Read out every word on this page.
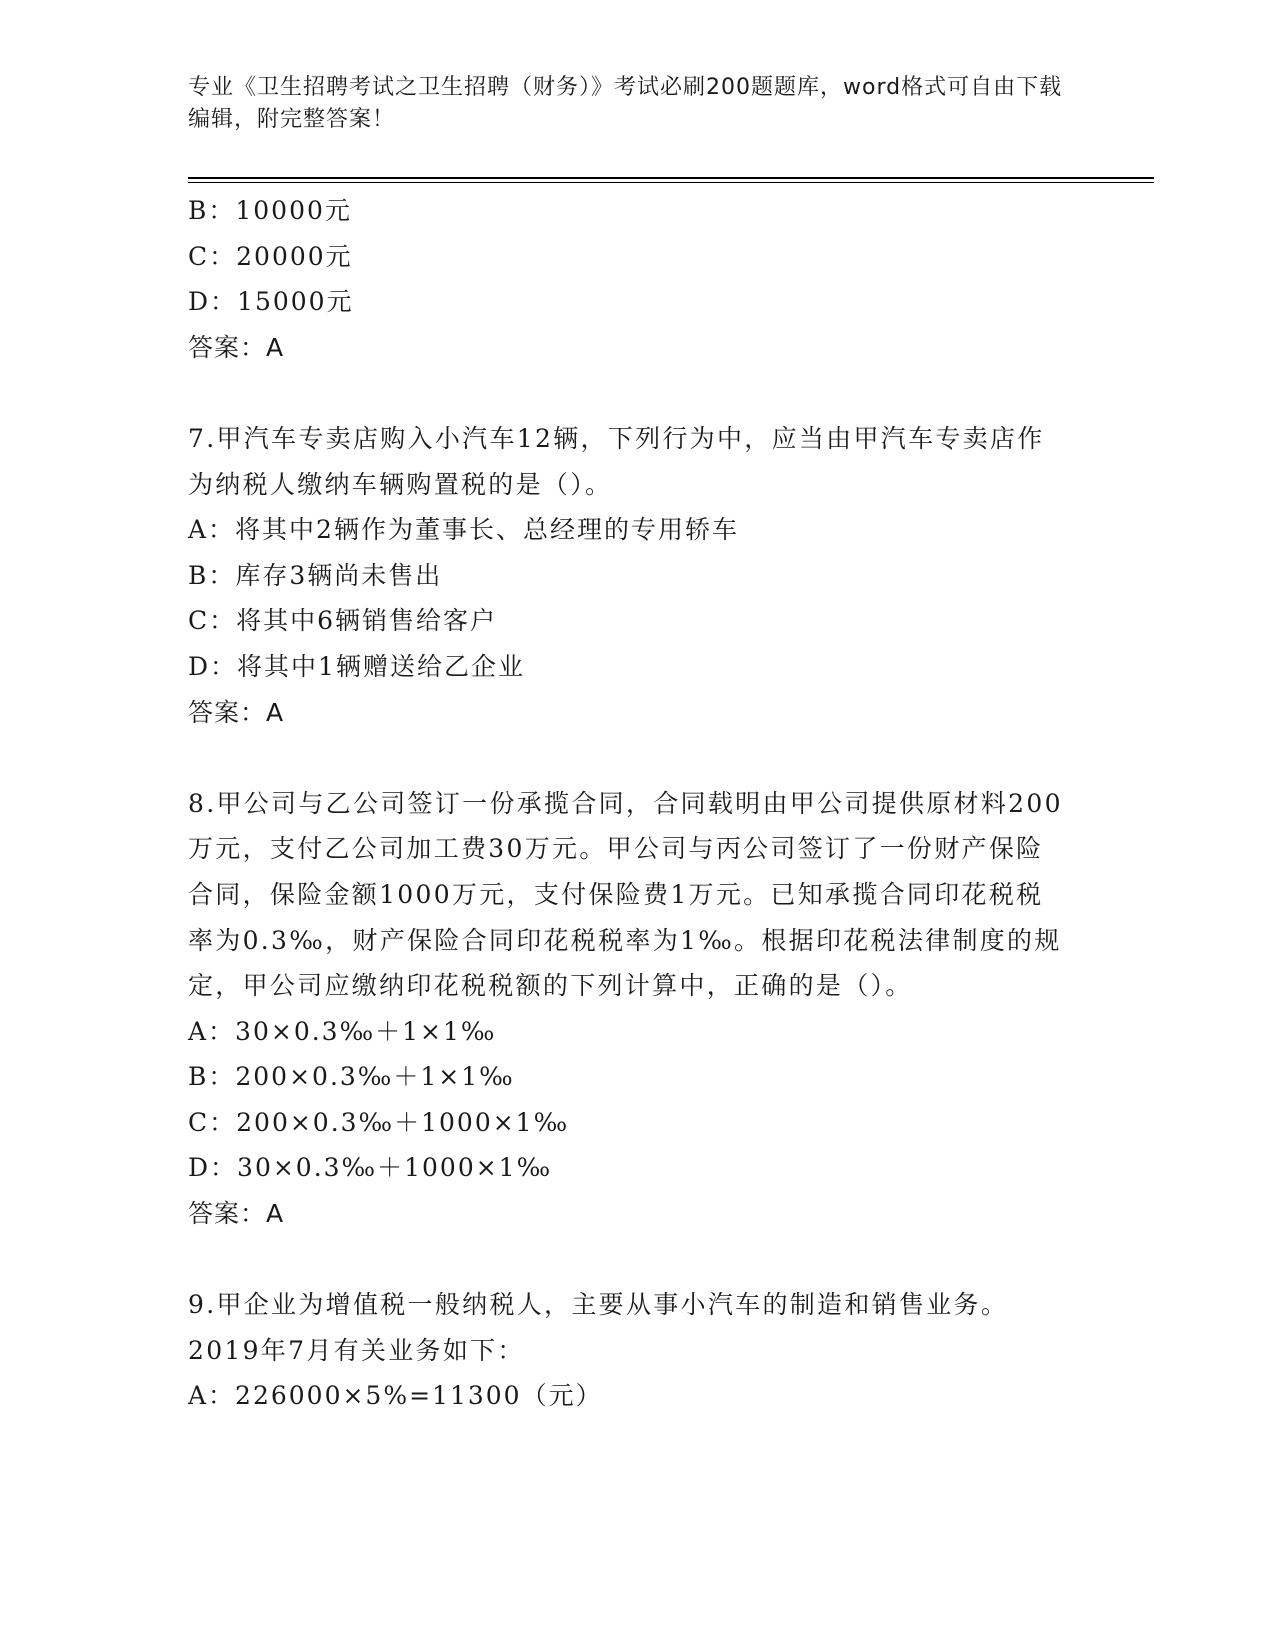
专业《卫生招聘考试之卫生招聘（财务）》考试必刷200题题库，word格式可自由下载编辑，附完整答案！
B：10000元
C：20000元
D：15000元
答案：A
7.甲汽车专卖店购入小汽车12辆，下列行为中，应当由甲汽车专卖店作为纳税人缴纳车辆购置税的是（）。
A：将其中2辆作为董事长、总经理的专用轿车
B：库存3辆尚未售出
C：将其中6辆销售给客户
D：将其中1辆赠送给乙企业
答案：A
8.甲公司与乙公司签订一份承揽合同，合同载明由甲公司提供原材料200万元，支付乙公司加工费30万元。甲公司与丙公司签订了一份财产保险合同，保险金额1000万元，支付保险费1万元。已知承揽合同印花税税率为0.3‰，财产保险合同印花税税率为1‰。根据印花税法律制度的规定，甲公司应缴纳印花税税额的下列计算中，正确的是（）。
A：30×0.3‰＋1×1‰
B：200×0.3‰＋1×1‰
C：200×0.3‰＋1000×1‰
D：30×0.3‰＋1000×1‰
答案：A
9.甲企业为增值税一般纳税人，主要从事小汽车的制造和销售业务。2019年7月有关业务如下：
A：226000×5%=11300（元）
